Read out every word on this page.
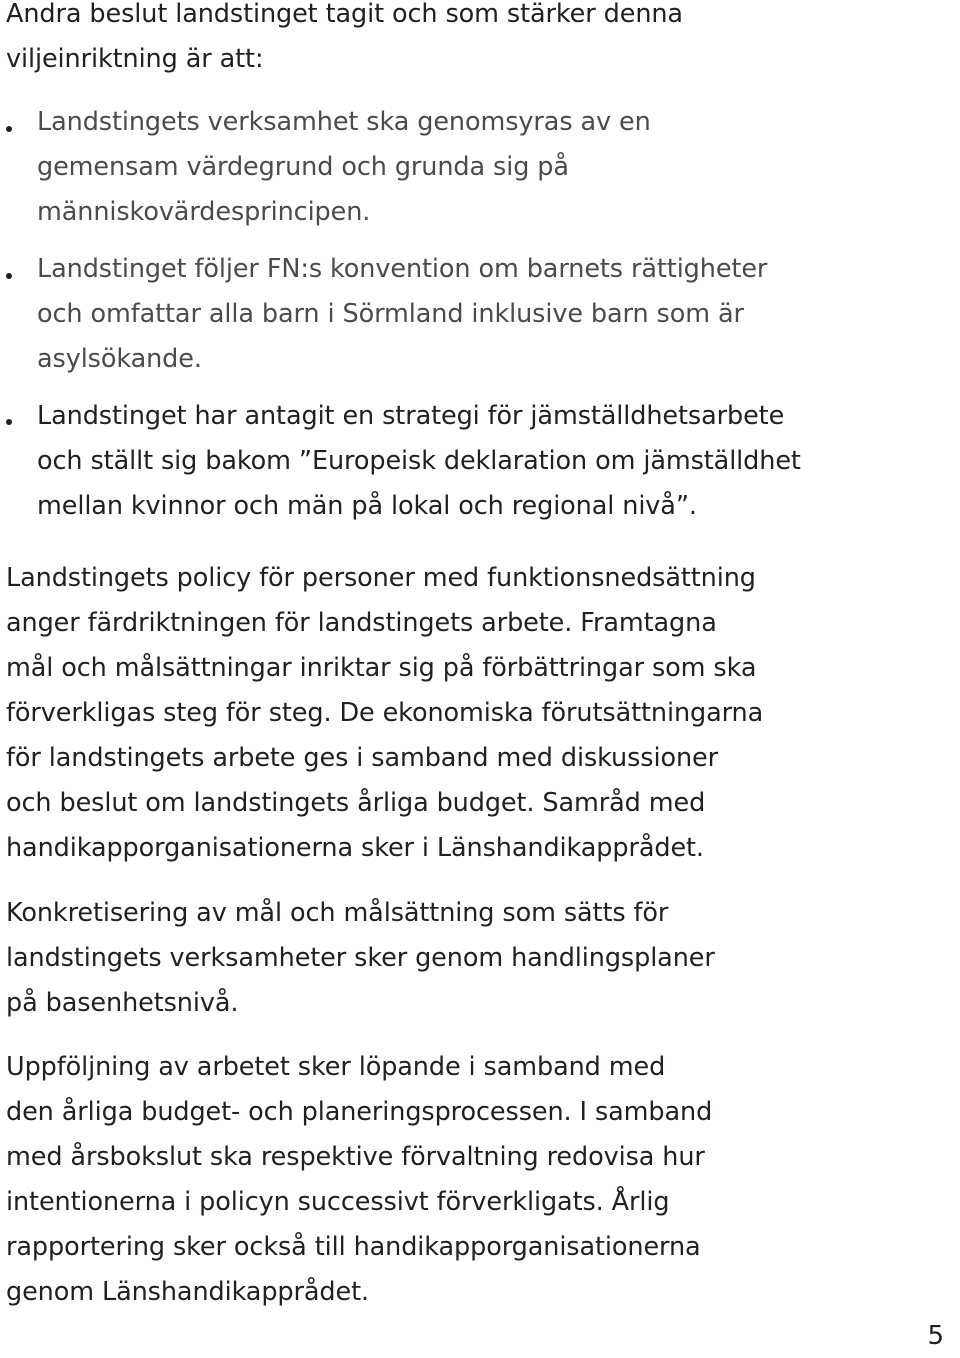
Andra beslut landstinget tagit och som stärker denna
viljeinriktning är att:
Landstingets verksamhet ska genomsyras av en
gemensam värdegrund och grunda sig på
människovärdesprincipen.
Landstinget följer FN:s konvention om barnets rättigheter
och omfattar alla barn i Sörmland inklusive barn som är
asylsökande.
Landstinget har antagit en strategi för jämställdhetsarbete
och ställt sig bakom ”Europeisk deklaration om jämställdhet
mellan kvinnor och män på lokal och regional nivå”.
Landstingets policy för personer med funktionsnedsättning
anger färdriktningen för landstingets arbete. Framtagna
mål och målsättningar inriktar sig på förbättringar som ska
förverkligas steg för steg. De ekonomiska förutsättningarna
för landstingets arbete ges i samband med diskussioner
och beslut om landstingets årliga budget. Samråd med
handikapporganisationerna sker i Länshandikapprådet.
Konkretisering av mål och målsättning som sätts för
landstingets verksamheter sker genom handlingsplaner
på basenhetsnivå.
Uppföljning av arbetet sker löpande i samband med
den årliga budget- och planeringsprocessen. I samband
med årsbokslut ska respektive förvaltning redovisa hur
intentionerna i policyn successivt förverkligats. Årlig
rapportering sker också till handikapporganisationerna
genom Länshandikapprådet.
5
